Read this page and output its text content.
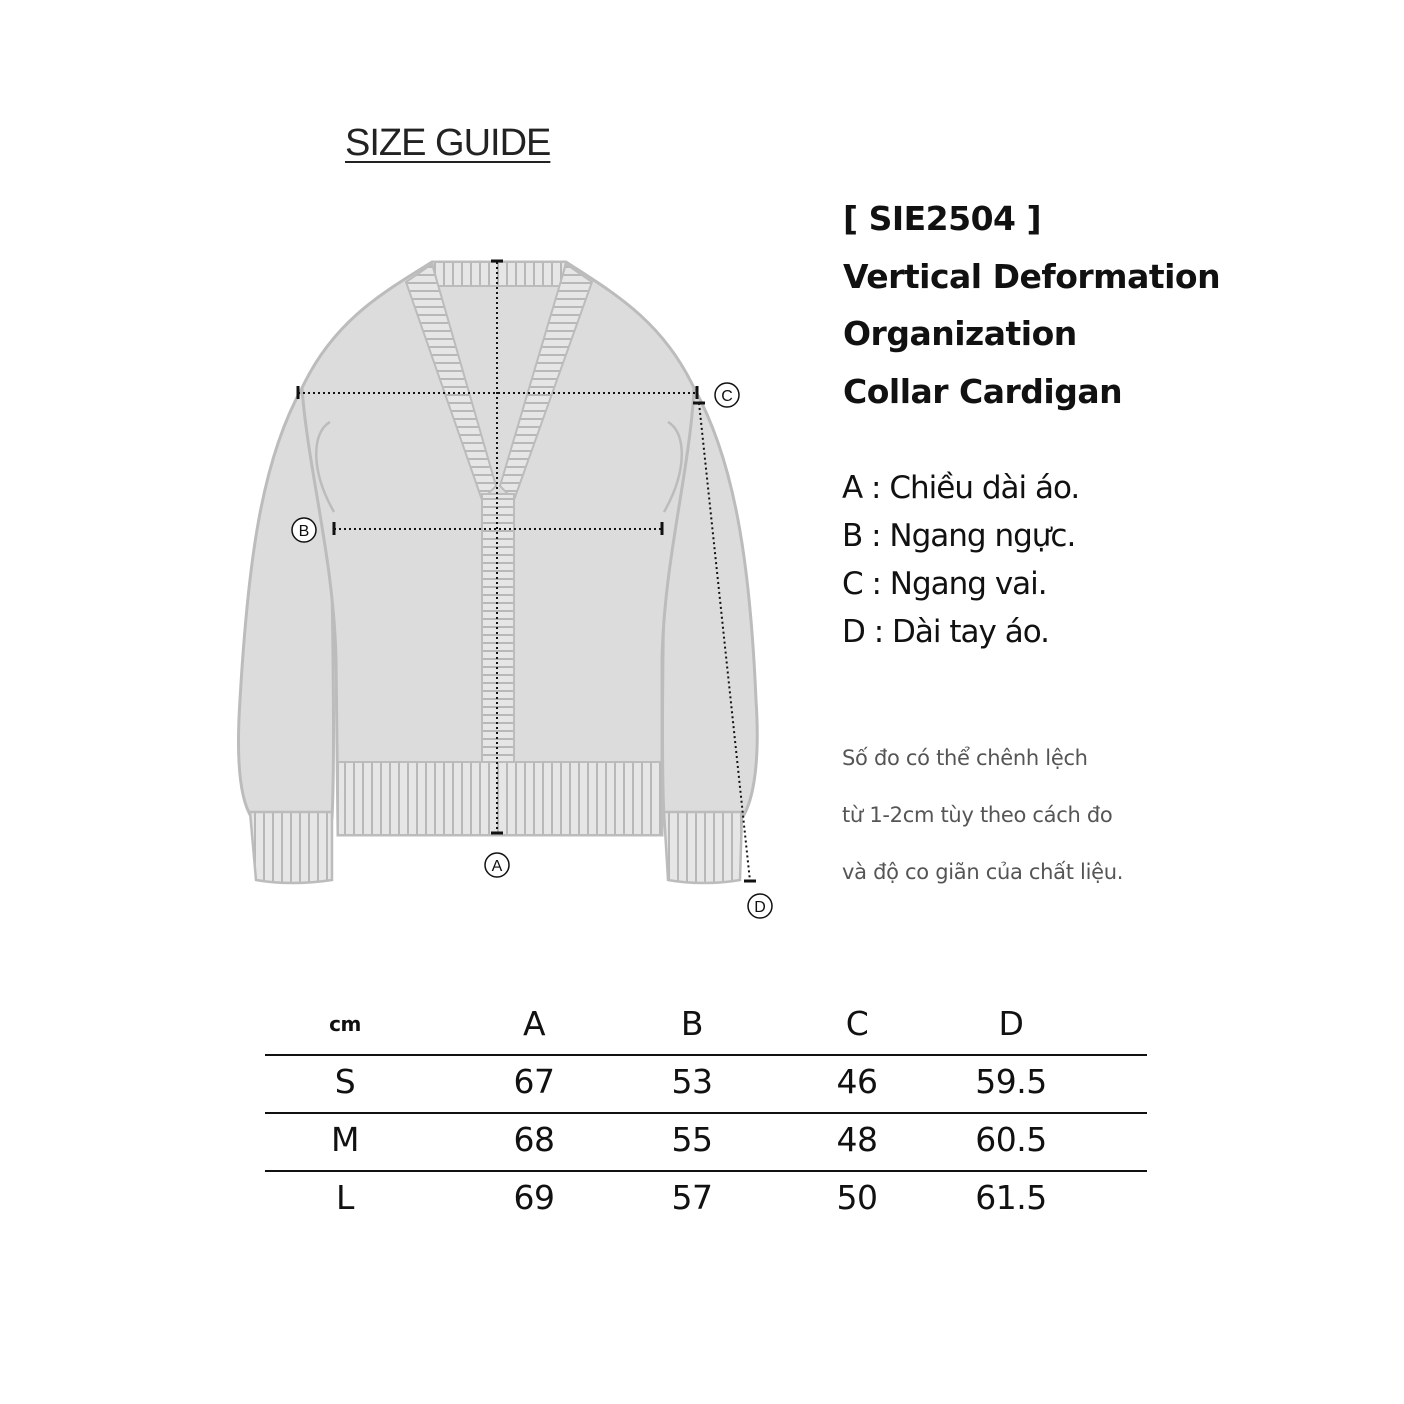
SIZE GUIDE
[ SIE2504 ]
Vertical Deformation
Organization
Collar Cardigan
A : Chiều dài áo.
B : Ngang ngực.
C : Ngang vai.
D : Dài tay áo.
Số đo có thể chênh lệch
từ 1-2cm tùy theo cách đo
và độ co giãn của chất liệu.
A
B
C
D
cm	A	B	C	D
S	67	53	46	59.5
M	68	55	48	60.5
L	69	57	50	61.5
